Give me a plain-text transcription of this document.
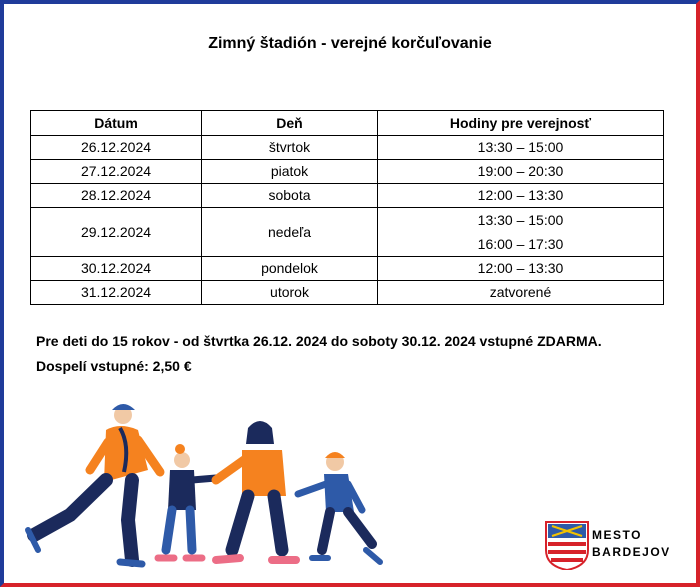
Zimný štadión - verejné korčuľovanie
Dátum	Deň	Hodiny pre verejnosť
26.12.2024	štvrtok	13:30 – 15:00
27.12.2024	piatok	19:00 – 20:30
28.12.2024	sobota	12:00 – 13:30
29.12.2024	nedeľa	13:30 – 15:00
16:00 – 17:30

30.12.2024	pondelok	12:00 – 13:30
31.12.2024	utorok	zatvorené
Pre deti do 15 rokov - od štvrtka 26.12. 2024 do soboty 30.12. 2024 vstupné ZDARMA.
Dospelí vstupné: 2,50 €
MESTO
BARDEJOV
